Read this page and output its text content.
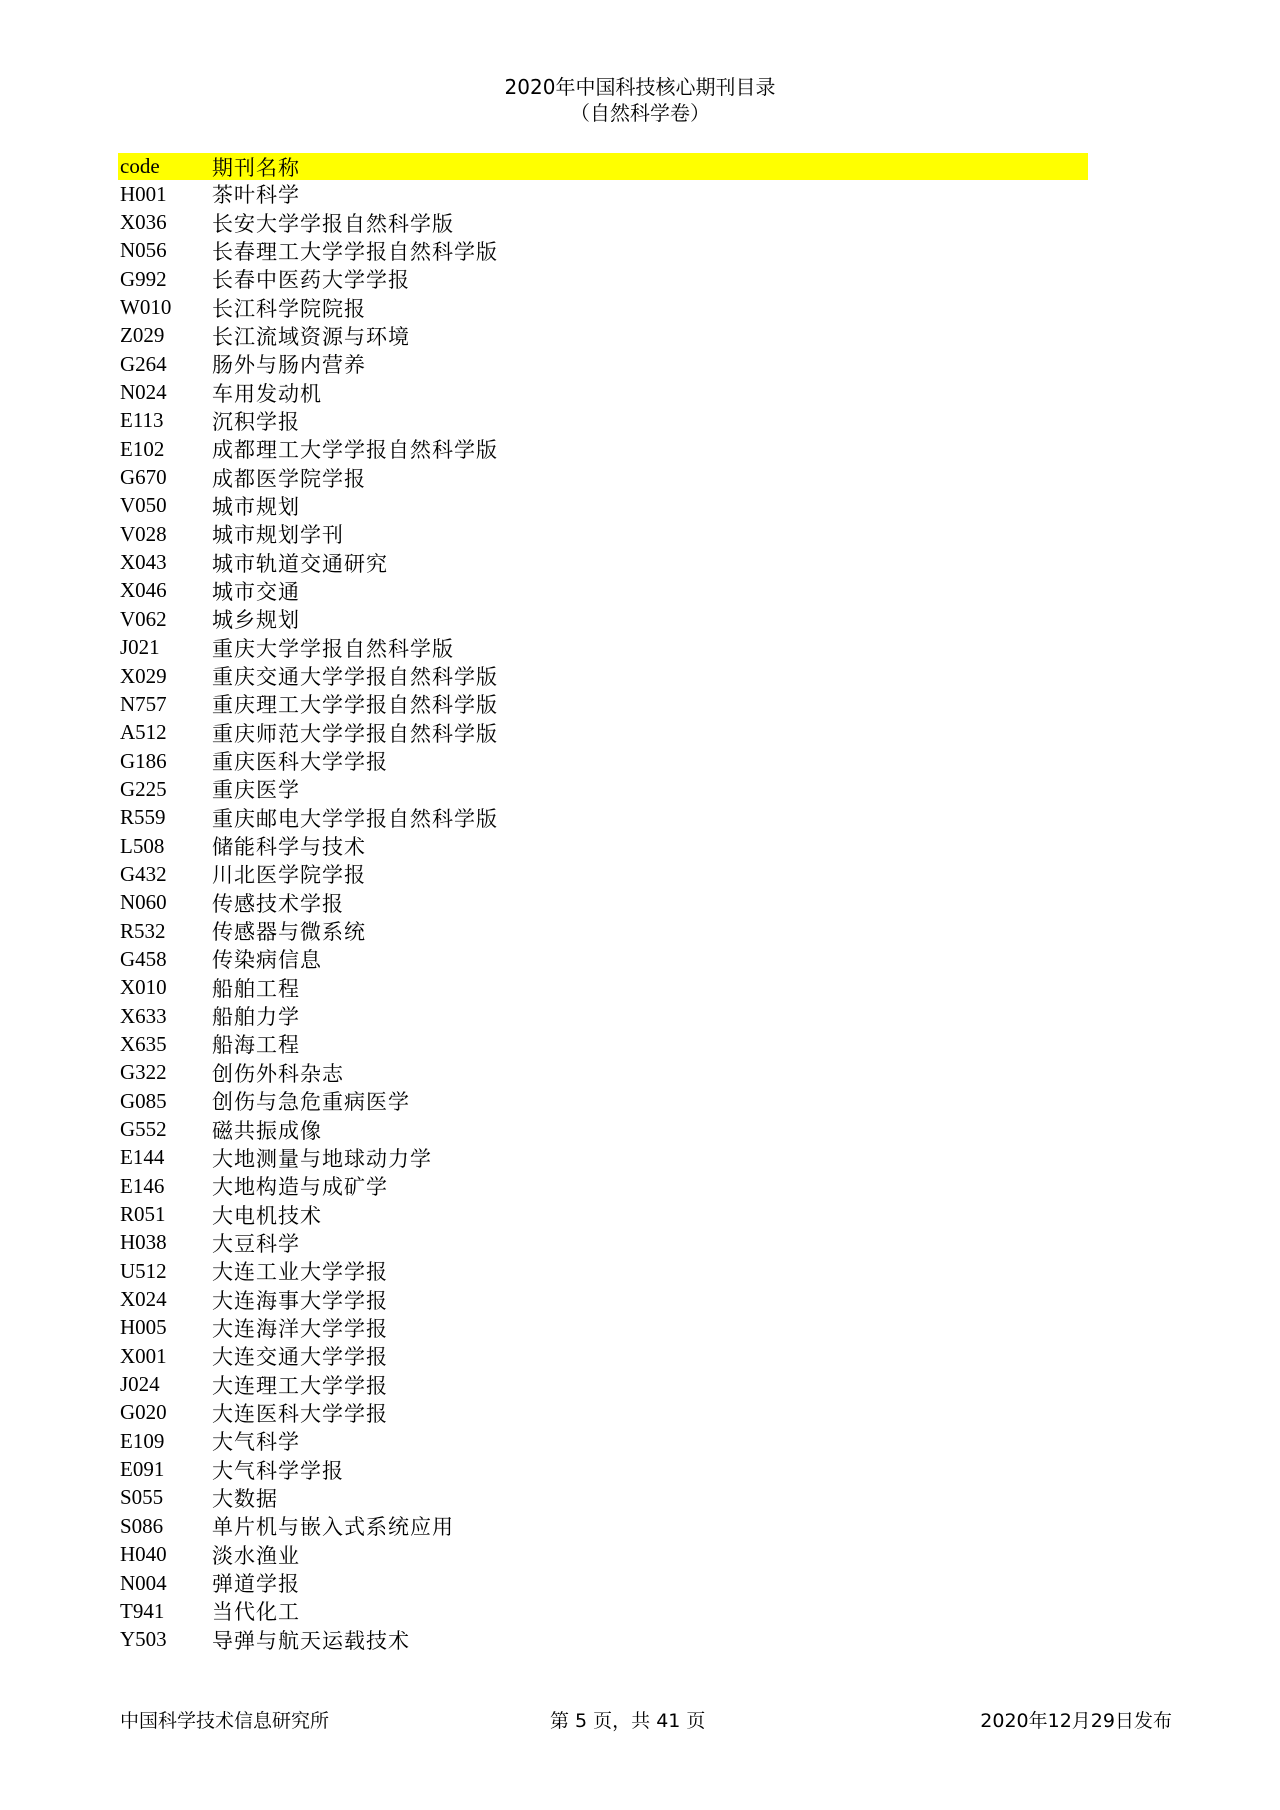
2020年中国科技核心期刊目录
（自然科学卷）
code	期刊名称
H001	茶叶科学
X036	长安大学学报自然科学版
N056	长春理工大学学报自然科学版
G992	长春中医药大学学报
W010	长江科学院院报
Z029	长江流域资源与环境
G264	肠外与肠内营养
N024	车用发动机
E113	沉积学报
E102	成都理工大学学报自然科学版
G670	成都医学院学报
V050	城市规划
V028	城市规划学刊
X043	城市轨道交通研究
X046	城市交通
V062	城乡规划
J021	重庆大学学报自然科学版
X029	重庆交通大学学报自然科学版
N757	重庆理工大学学报自然科学版
A512	重庆师范大学学报自然科学版
G186	重庆医科大学学报
G225	重庆医学
R559	重庆邮电大学学报自然科学版
L508	储能科学与技术
G432	川北医学院学报
N060	传感技术学报
R532	传感器与微系统
G458	传染病信息
X010	船舶工程
X633	船舶力学
X635	船海工程
G322	创伤外科杂志
G085	创伤与急危重病医学
G552	磁共振成像
E144	大地测量与地球动力学
E146	大地构造与成矿学
R051	大电机技术
H038	大豆科学
U512	大连工业大学学报
X024	大连海事大学学报
H005	大连海洋大学学报
X001	大连交通大学学报
J024	大连理工大学学报
G020	大连医科大学学报
E109	大气科学
E091	大气科学学报
S055	大数据
S086	单片机与嵌入式系统应用
H040	淡水渔业
N004	弹道学报
T941	当代化工
Y503	导弹与航天运载技术
中国科学技术信息研究所	第 5 页，共 41 页	2020年12月29日发布
